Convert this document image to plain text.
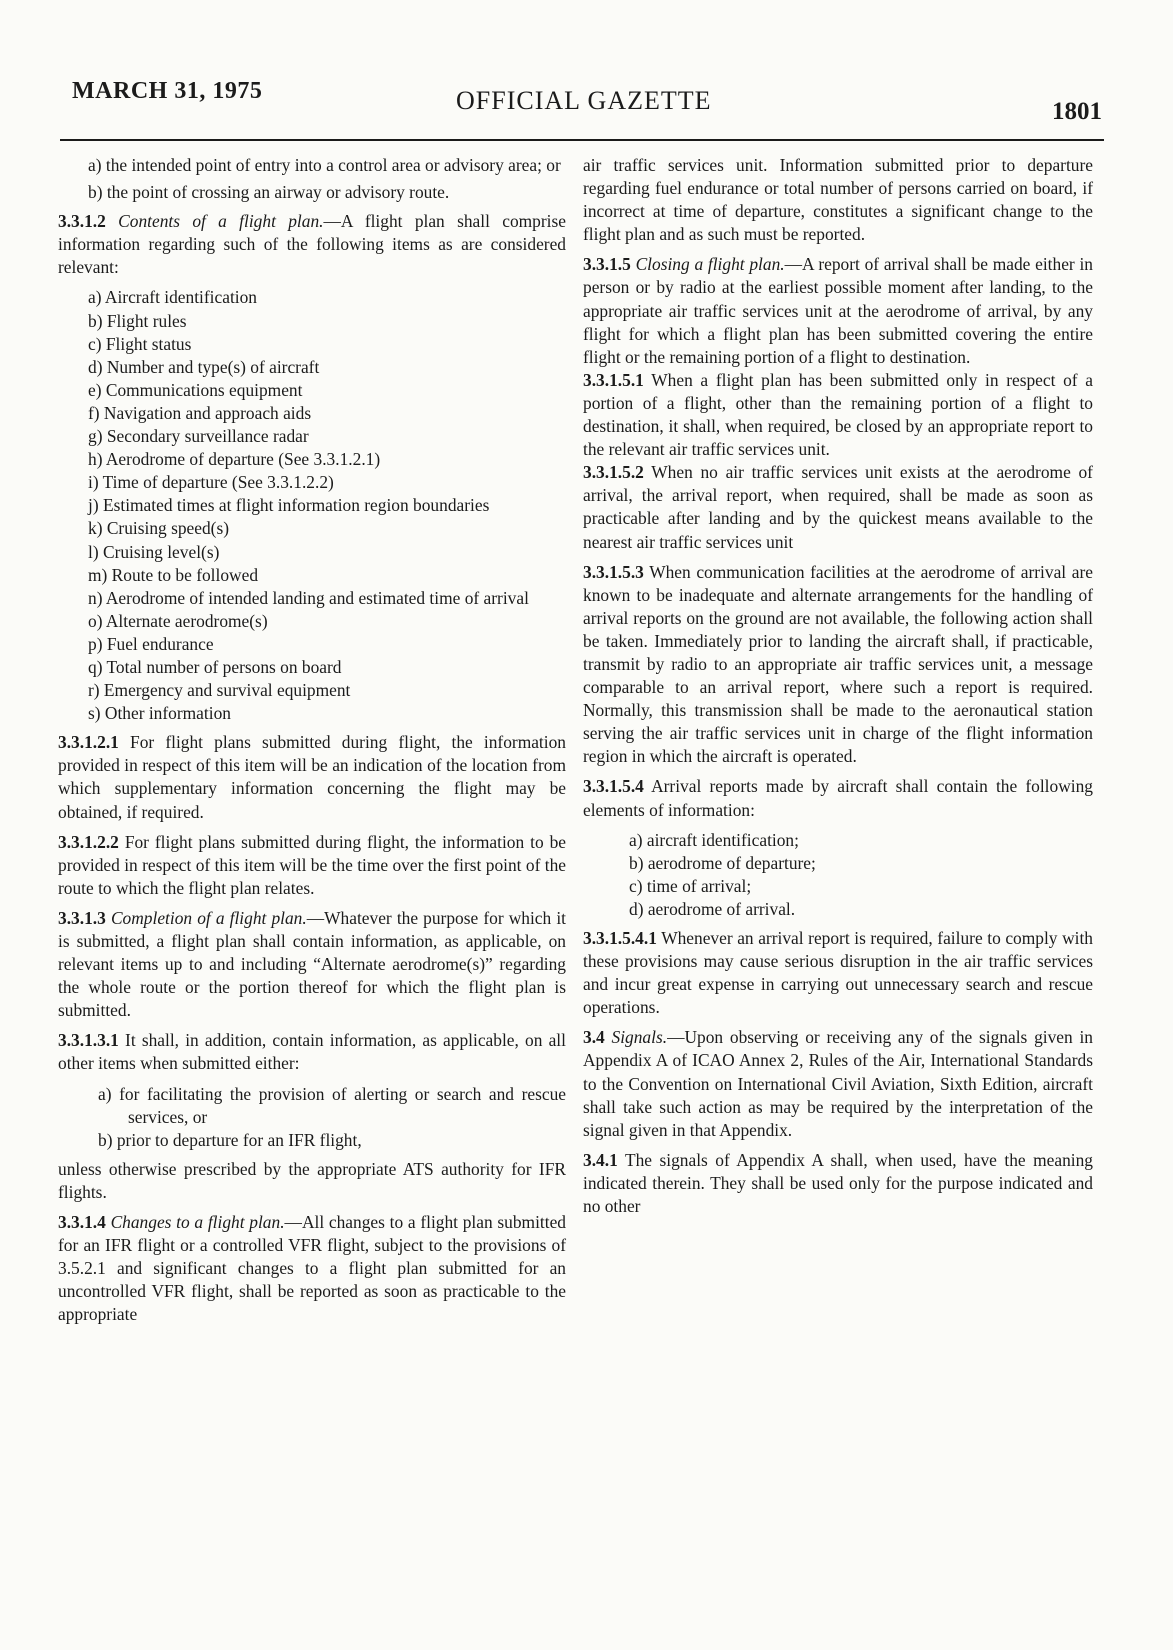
MARCH 31, 1975	OFFICIAL GAZETTE	1801
a) the intended point of entry into a control area or advisory area; or
b) the point of crossing an airway or advisory route.

3.3.1.2 Contents of a flight plan.—A flight plan shall comprise information regarding such of the following items as are considered relevant:

a) Aircraft identification
b) Flight rules
c) Flight status
d) Number and type(s) of aircraft
e) Communications equipment
f) Navigation and approach aids
g) Secondary surveillance radar
h) Aerodrome of departure (See 3.3.1.2.1)
i) Time of departure (See 3.3.1.2.2)
j) Estimated times at flight information region boundaries
k) Cruising speed(s)
l) Cruising level(s)
m) Route to be followed
n) Aerodrome of intended landing and estimated time of arrival
o) Alternate aerodrome(s)
p) Fuel endurance
q) Total number of persons on board
r) Emergency and survival equipment
s) Other information

3.3.1.2.1 For flight plans submitted during flight, the information provided in respect of this item will be an indication of the location from which supplementary information concerning the flight may be obtained, if required.

3.3.1.2.2 For flight plans submitted during flight, the information to be provided in respect of this item will be the time over the first point of the route to which the flight plan relates.

3.3.1.3 Completion of a flight plan.—Whatever the purpose for which it is submitted, a flight plan shall contain information, as applicable, on relevant items up to and including “Alternate aerodrome(s)” regarding the whole route or the portion thereof for which the flight plan is submitted.

3.3.1.3.1 It shall, in addition, contain information, as applicable, on all other items when submitted either:

a) for facilitating the provision of alerting or search and rescue services, or
b) prior to departure for an IFR flight,

unless otherwise prescribed by the appropriate ATS authority for IFR flights.

3.3.1.4 Changes to a flight plan.—All changes to a flight plan submitted for an IFR flight or a controlled VFR flight, subject to the provisions of 3.5.2.1 and significant changes to a flight plan submitted for an uncontrolled VFR flight, shall be reported as soon as practicable to the appropriate

air traffic services unit. Information submitted prior to departure regarding fuel endurance or total number of persons carried on board, if incorrect at time of departure, constitutes a significant change to the flight plan and as such must be reported.

3.3.1.5 Closing a flight plan.—A report of arrival shall be made either in person or by radio at the earliest possible moment after landing, to the appropriate air traffic services unit at the aerodrome of arrival, by any flight for which a flight plan has been submitted covering the entire flight or the remaining portion of a flight to destination.

3.3.1.5.1 When a flight plan has been submitted only in respect of a portion of a flight, other than the remaining portion of a flight to destination, it shall, when required, be closed by an appropriate report to the relevant air traffic services unit.

3.3.1.5.2 When no air traffic services unit exists at the aerodrome of arrival, the arrival report, when required, shall be made as soon as practicable after landing and by the quickest means available to the nearest air traffic services unit

3.3.1.5.3 When communication facilities at the aerodrome of arrival are known to be inadequate and alternate arrangements for the handling of arrival reports on the ground are not available, the following action shall be taken. Immediately prior to landing the aircraft shall, if practicable, transmit by radio to an appropriate air traffic services unit, a message comparable to an arrival report, where such a report is required. Normally, this transmission shall be made to the aeronautical station serving the air traffic services unit in charge of the flight information region in which the aircraft is operated.

3.3.1.5.4 Arrival reports made by aircraft shall contain the following elements of information:

a) aircraft identification;
b) aerodrome of departure;
c) time of arrival;
d) aerodrome of arrival.

3.3.1.5.4.1 Whenever an arrival report is required, failure to comply with these provisions may cause serious disruption in the air traffic services and incur great expense in carrying out unnecessary search and rescue operations.

3.4 Signals.—Upon observing or receiving any of the signals given in Appendix A of ICAO Annex 2, Rules of the Air, International Standards to the Convention on International Civil Aviation, Sixth Edition, aircraft shall take such action as may be required by the interpretation of the signal given in that Appendix.

3.4.1 The signals of Appendix A shall, when used, have the meaning indicated therein. They shall be used only for the purpose indicated and no other
